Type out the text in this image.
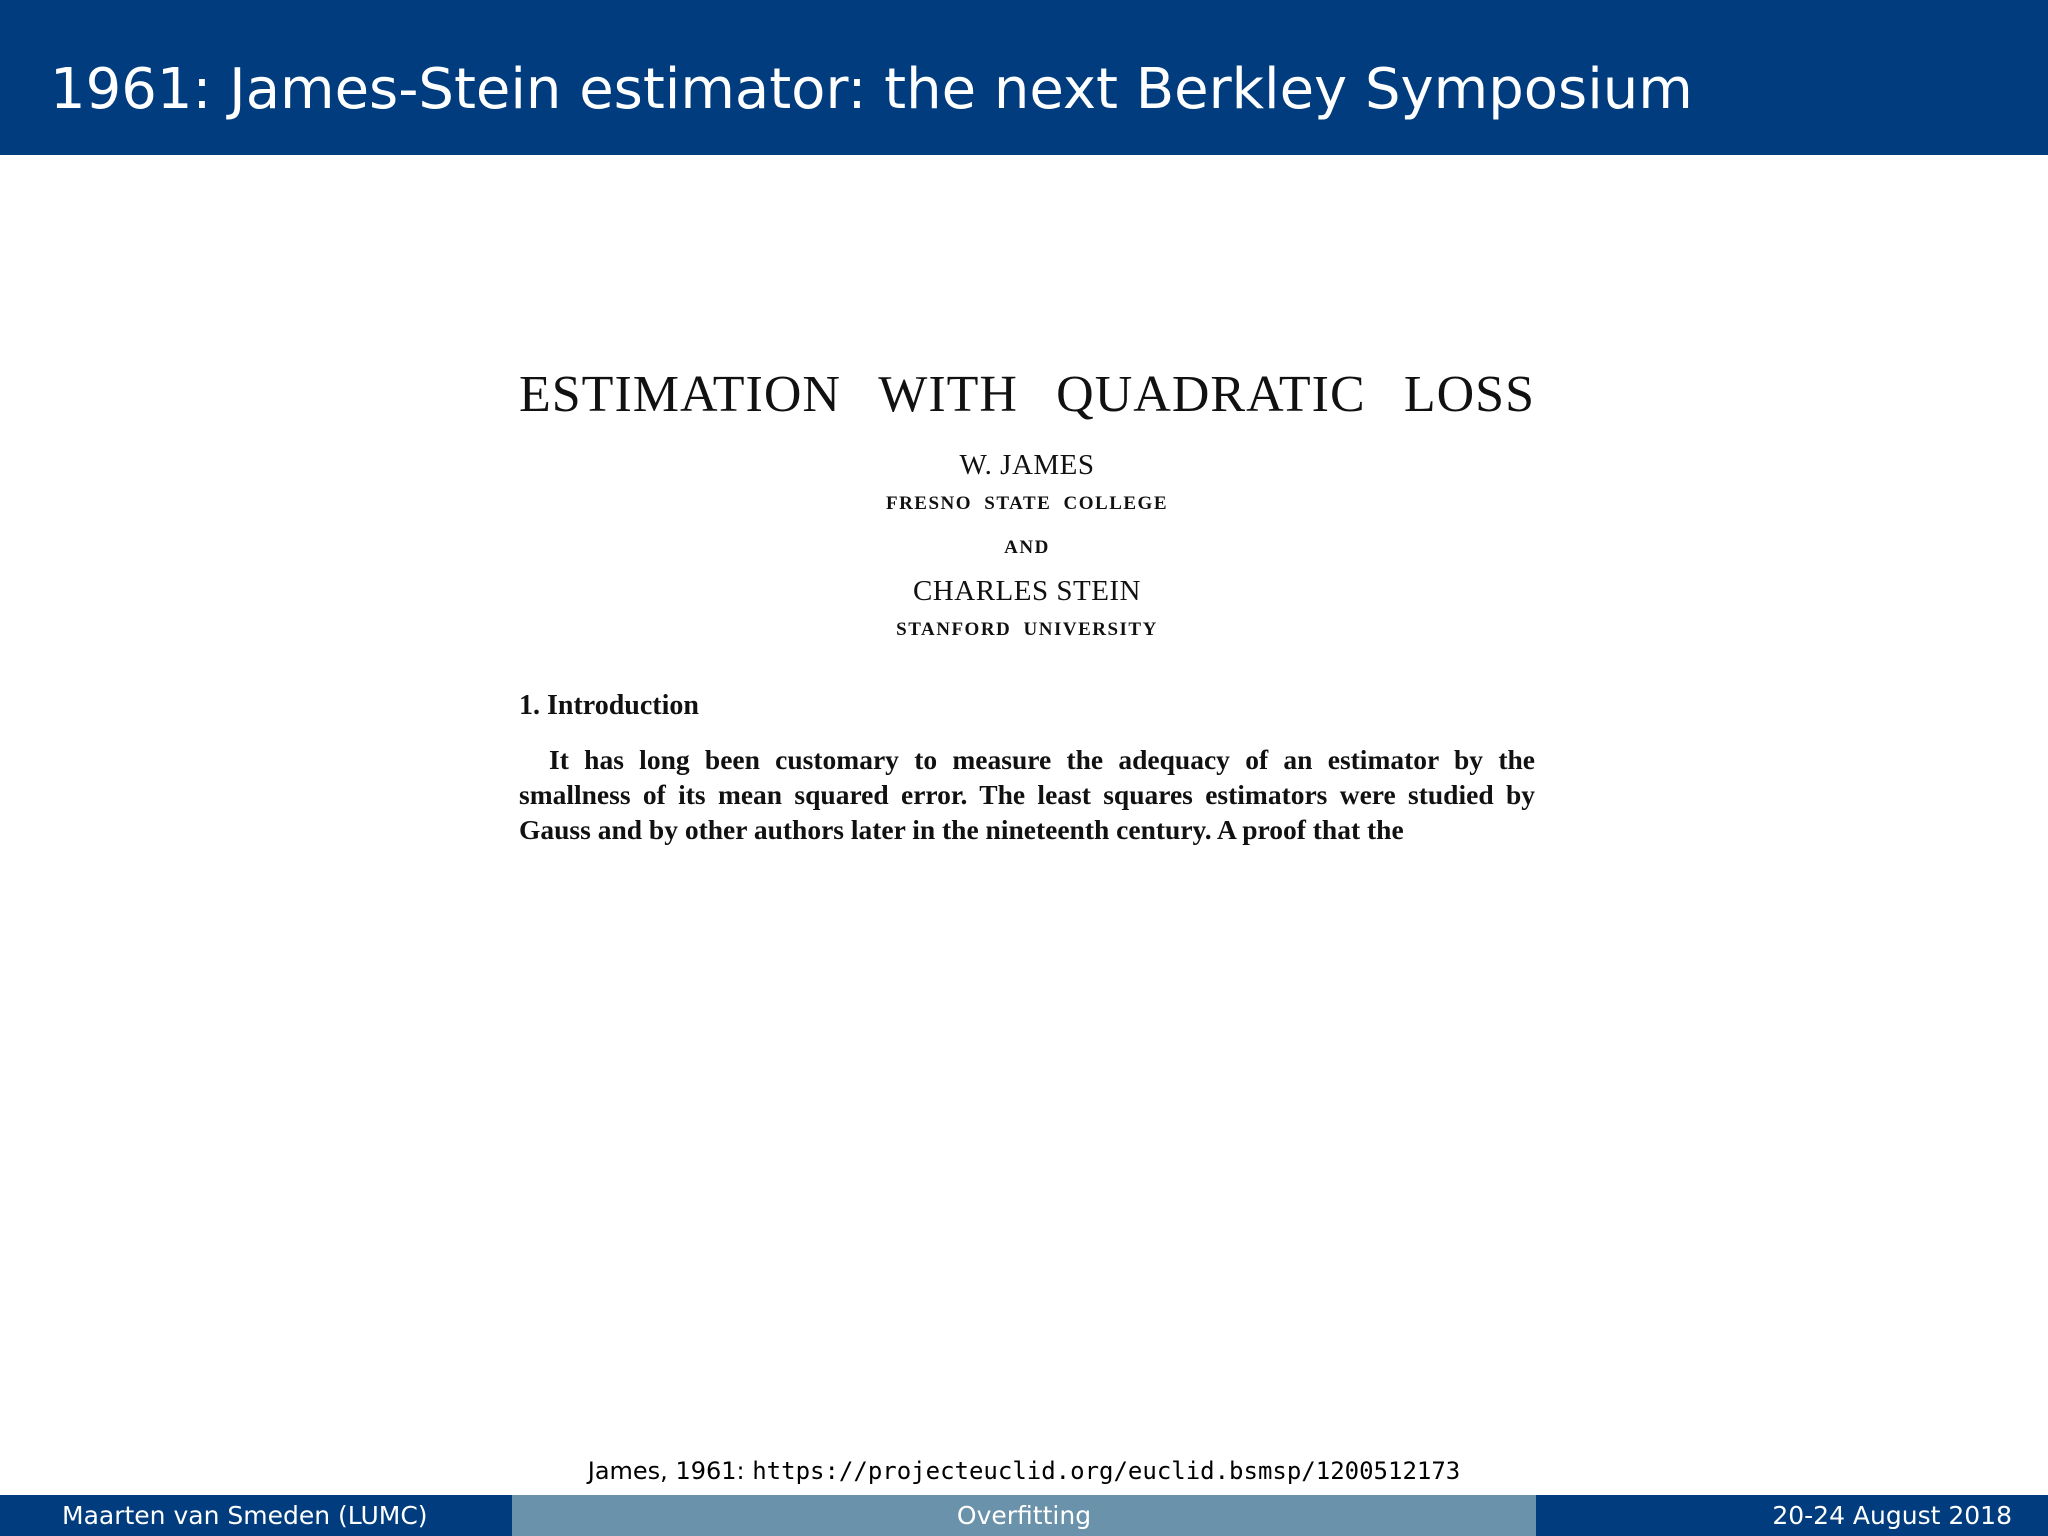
1961: James-Stein estimator: the next Berkley Symposium
ESTIMATION WITH QUADRATIC LOSS
W. JAMES
FRESNO STATE COLLEGE
AND
CHARLES STEIN
STANFORD UNIVERSITY
1. Introduction

It has long been customary to measure the adequacy of an estimator by the smallness of its mean squared error. The least squares estimators were studied by Gauss and by other authors later in the nineteenth century. A proof that the

James, 1961: https://projecteuclid.org/euclid.bsmsp/1200512173
Maarten van Smeden (LUMC)	Overfitting	20-24 August 2018
